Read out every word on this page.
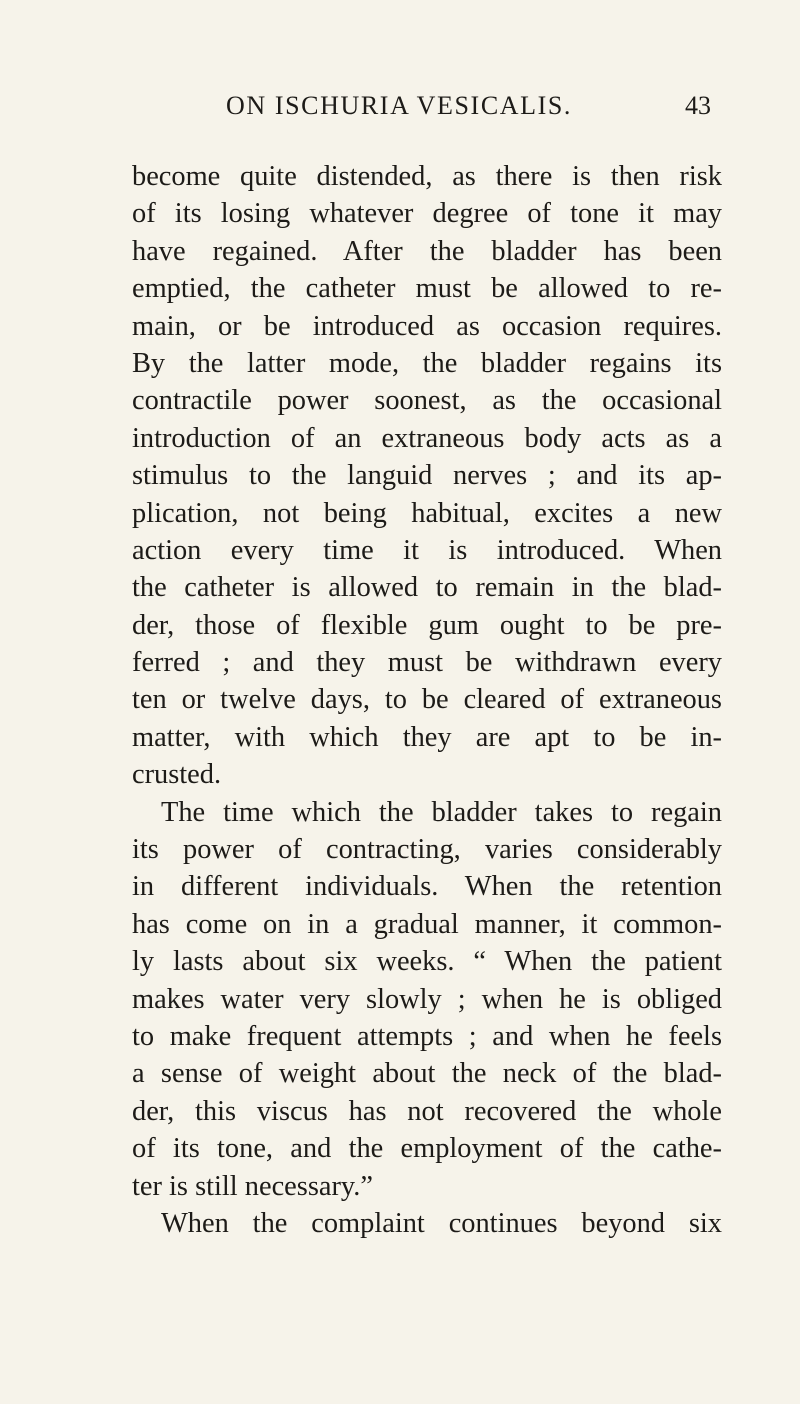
ON ISCHURIA VESICALIS.	43
become quite distended, as there is then risk
of its losing whatever degree of tone it may
have regained. After the bladder has been
emptied, the catheter must be allowed to re-
main, or be introduced as occasion requires.
By the latter mode, the bladder regains its
contractile power soonest, as the occasional
introduction of an extraneous body acts as a
stimulus to the languid nerves ; and its ap-
plication, not being habitual, excites a new
action every time it is introduced. When
the catheter is allowed to remain in the blad-
der, those of flexible gum ought to be pre-
ferred ; and they must be withdrawn every
ten or twelve days, to be cleared of extraneous
matter, with which they are apt to be in-
crusted.
The time which the bladder takes to regain
its power of contracting, varies considerably
in different individuals. When the retention
has come on in a gradual manner, it common-
ly lasts about six weeks. “ When the patient
makes water very slowly ; when he is obliged
to make frequent attempts ; and when he feels
a sense of weight about the neck of the blad-
der, this viscus has not recovered the whole
of its tone, and the employment of the cathe-
ter is still necessary.”
When the complaint continues beyond six
